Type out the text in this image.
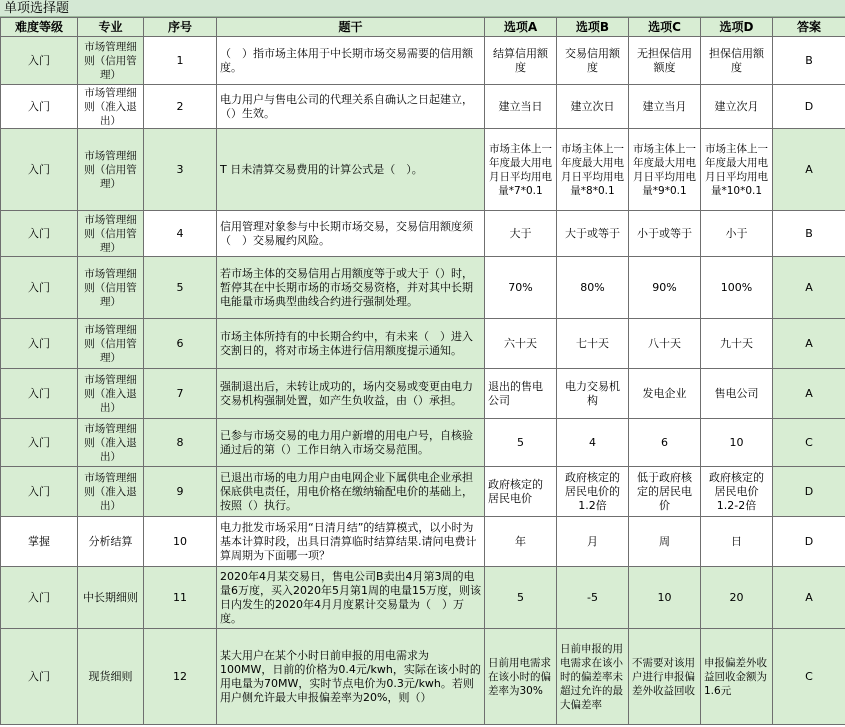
单项选择题
难度等级	专业	序号	题干	选项A	选项B	选项C	选项D	答案
入门	市场管理细则（信用管理）	1	（　）指市场主体用于中长期市场交易需要的信用额度。	结算信用额度	交易信用额度	无担保信用额度	担保信用额度	B
入门	市场管理细则（准入退出）	2	电力用户与售电公司的代理关系自确认之日起建立，（）生效。	建立当日	建立次日	建立当月	建立次月	D
入门	市场管理细则（信用管理）	3	T 日未清算交易费用的计算公式是（　）。	市场主体上一年度最大用电月日平均用电量*7*0.1	市场主体上一年度最大用电月日平均用电量*8*0.1	市场主体上一年度最大用电月日平均用电量*9*0.1	市场主体上一年度最大用电月日平均用电量*10*0.1	A
入门	市场管理细则（信用管理）	4	信用管理对象参与中长期市场交易，交易信用额度须（　）交易履约风险。	大于	大于或等于	小于或等于	小于	B
入门	市场管理细则（信用管理）	5	若市场主体的交易信用占用额度等于或大于（）时，暂停其在中长期市场的市场交易资格，并对其中长期电能量市场典型曲线合约进行强制处理。	70%	80%	90%	100%	A
入门	市场管理细则（信用管理）	6	市场主体所持有的中长期合约中，有未来（　）进入交割日的，将对市场主体进行信用额度提示通知。	六十天	七十天	八十天	九十天	A
入门	市场管理细则（准入退出）	7	强制退出后，未转让成功的，场内交易或变更由电力交易机构强制处置，如产生负收益，由（）承担。	退出的售电公司	电力交易机构	发电企业	售电公司	A
入门	市场管理细则（准入退出）	8	已参与市场交易的电力用户新增的用电户号，自核验通过后的第（）工作日纳入市场交易范围。	5	4	6	10	C
入门	市场管理细则（准入退出）	9	已退出市场的电力用户由电网企业下属供电企业承担保底供电责任，用电价格在缴纳输配电价的基础上，按照（）执行。	政府核定的居民电价	政府核定的居民电价的1.2倍	低于政府核定的居民电价	政府核定的居民电价1.2-2倍	D
掌握	分析结算	10	电力批发市场采用“日清月结”的结算模式，以小时为基本计算时段，出具日清算临时结算结果.请问电费计算周期为下面哪一项？	年	月	周	日	D
入门	中长期细则	11	2020年4月某交易日，售电公司B卖出4月第3周的电量6万度，买入2020年5月第1周的电量15万度，则该日内发生的2020年4月月度累计交易量为（　）万度。	5	-5	10	20	A
入门	现货细则	12	某大用户在某个小时日前申报的用电需求为100MW，日前的价格为0.4元/kwh，实际在该小时的用电量为70MW，实时节点电价为0.3元/kwh。若则用户侧允许最大申报偏差率为20%，则（）	日前用电需求在该小时的偏差率为30%	日前申报的用电需求在该小时的偏差率未超过允许的最大偏差率	不需要对该用户进行申报偏差外收益回收	申报偏差外收益回收金额为1.6元	C
